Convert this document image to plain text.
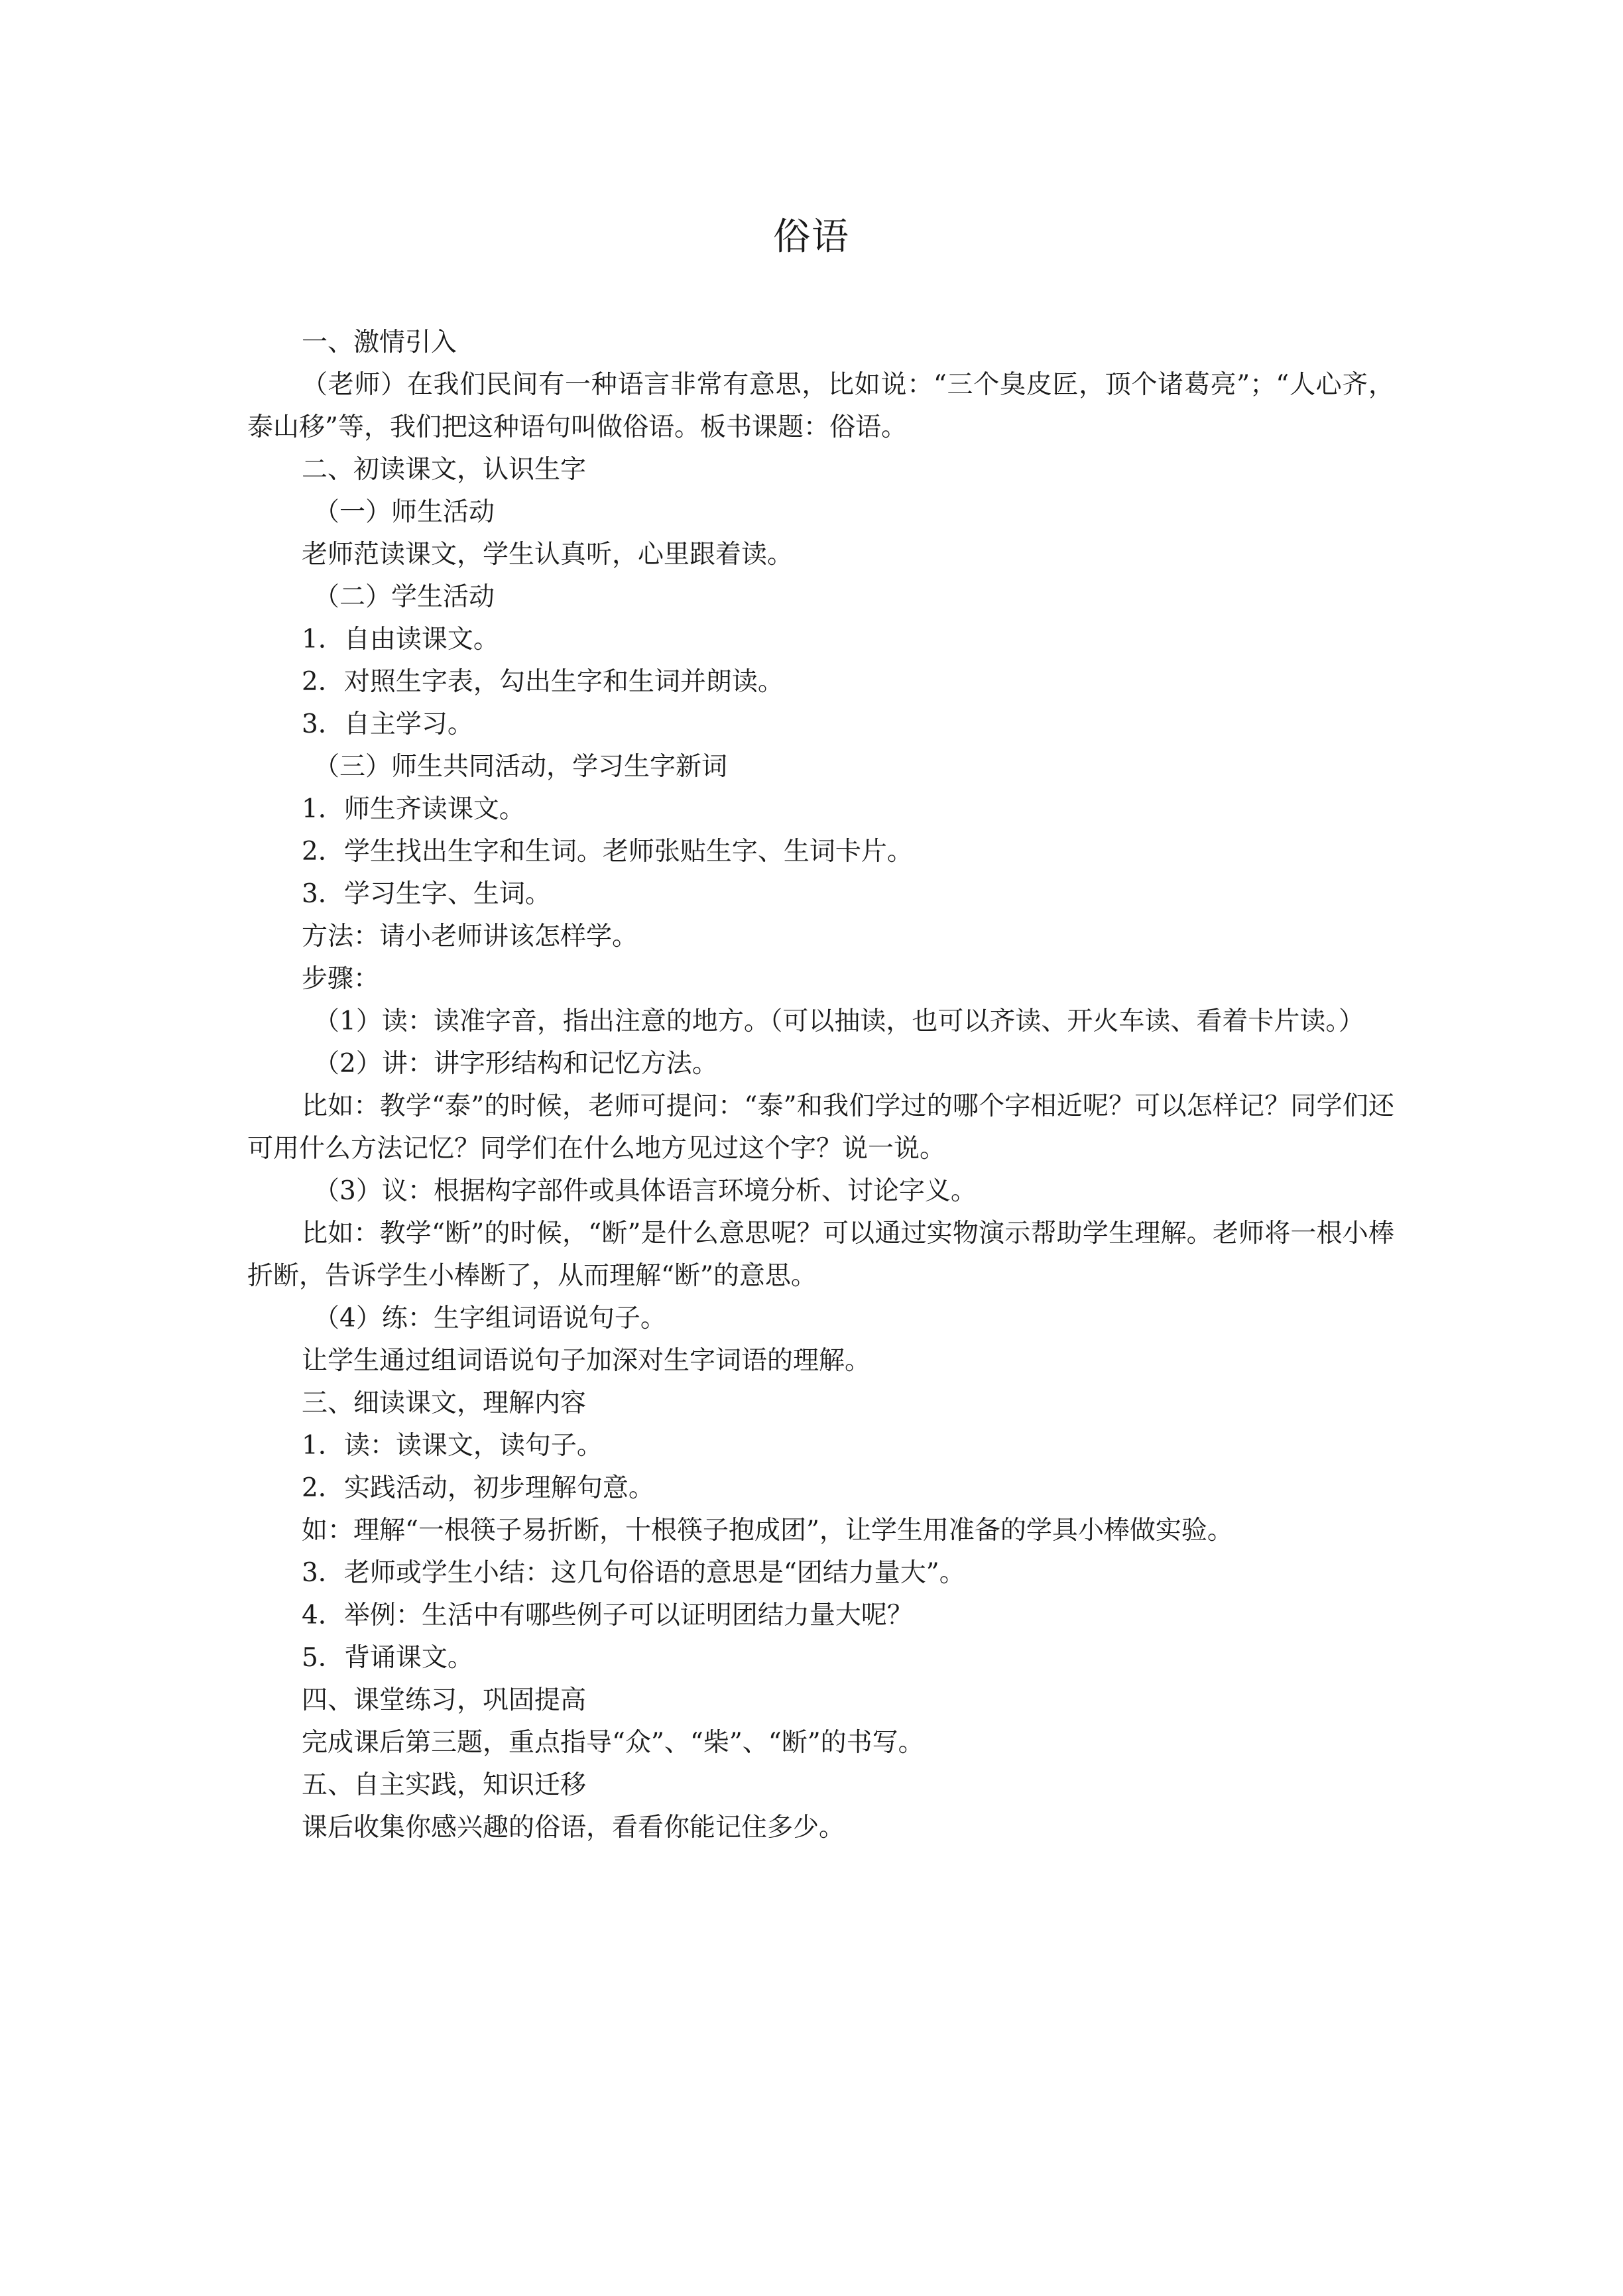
俗语

一、激情引入

（老师）在我们民间有一种语言非常有意思，比如说：“三个臭皮匠，顶个诸葛亮”；“人心齐，泰山移”等，我们把这种语句叫做俗语。板书课题：俗语。

二、初读课文，认识生字

（一）师生活动

老师范读课文，学生认真听，心里跟着读。

（二）学生活动

1．自由读课文。

2．对照生字表，勾出生字和生词并朗读。

3．自主学习。

（三）师生共同活动，学习生字新词

1．师生齐读课文。

2．学生找出生字和生词。老师张贴生字、生词卡片。

3．学习生字、生词。

方法：请小老师讲该怎样学。

步骤：

（1）读：读准字音，指出注意的地方。（可以抽读，也可以齐读、开火车读、看着卡片读。）

（2）讲：讲字形结构和记忆方法。

比如：教学“泰”的时候，老师可提问：“泰”和我们学过的哪个字相近呢？可以怎样记？同学们还可用什么方法记忆？同学们在什么地方见过这个字？说一说。

（3）议：根据构字部件或具体语言环境分析、讨论字义。

比如：教学“断”的时候，“断”是什么意思呢？可以通过实物演示帮助学生理解。老师将一根小棒折断，告诉学生小棒断了，从而理解“断”的意思。

（4）练：生字组词语说句子。

让学生通过组词语说句子加深对生字词语的理解。

三、细读课文，理解内容

1．读：读课文，读句子。

2．实践活动，初步理解句意。

如：理解“一根筷子易折断，十根筷子抱成团”，让学生用准备的学具小棒做实验。

3．老师或学生小结：这几句俗语的意思是“团结力量大”。

4．举例：生活中有哪些例子可以证明团结力量大呢？

5．背诵课文。

四、课堂练习，巩固提高

完成课后第三题，重点指导“众”、“柴”、“断”的书写。

五、自主实践，知识迁移

课后收集你感兴趣的俗语，看看你能记住多少。
